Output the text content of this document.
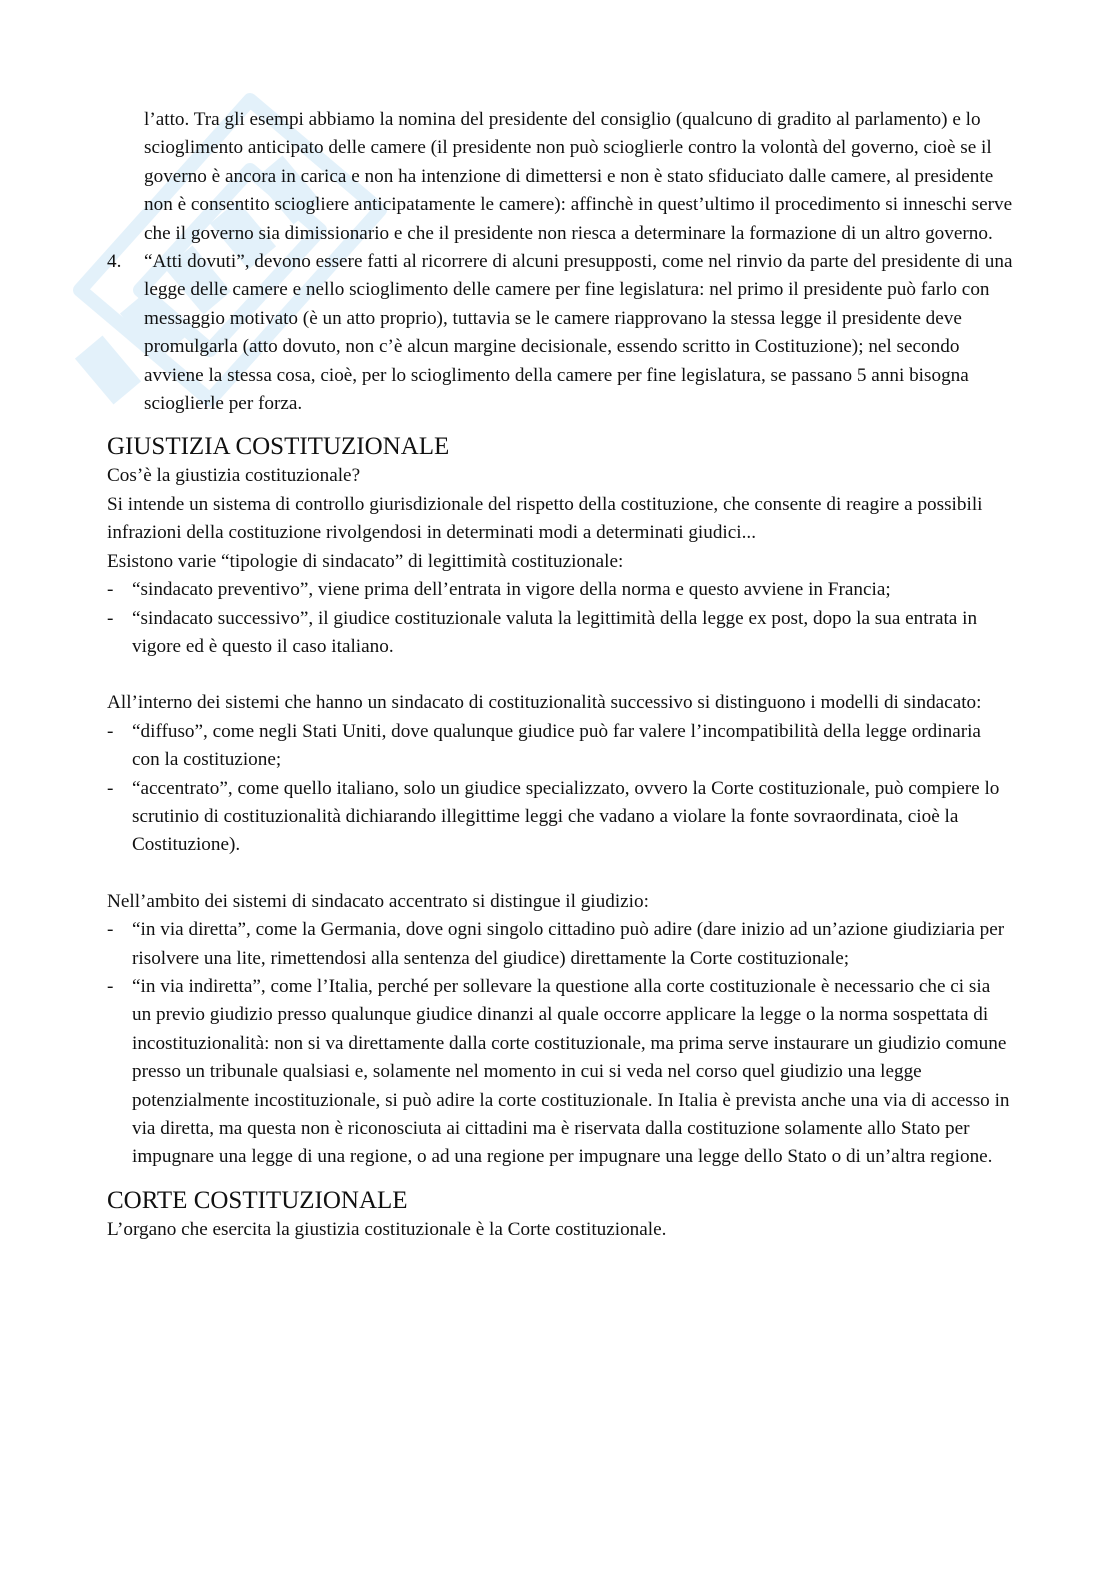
l’atto. Tra gli esempi abbiamo la nomina del presidente del consiglio (qualcuno di gradito al parlamento) e lo scioglimento anticipato delle camere (il presidente non può scioglierle contro la volontà del governo, cioè se il governo è ancora in carica e non ha intenzione di dimettersi e non è stato sfiduciato dalle camere, al presidente non è consentito sciogliere anticipatamente le camere): affinchè in quest’ultimo il procedimento si inneschi serve che il governo sia dimissionario e che il presidente non riesca a determinare la formazione di un altro governo.

4.	“Atti dovuti”, devono essere fatti al ricorrere di alcuni presupposti, come nel rinvio da parte del presidente di una legge delle camere e nello scioglimento delle camere per fine legislatura: nel primo il presidente può farlo con messaggio motivato (è un atto proprio), tuttavia se le camere riapprovano la stessa legge il presidente deve promulgarla (atto dovuto, non c’è alcun margine decisionale, essendo scritto in Costituzione); nel secondo avviene la stessa cosa, cioè, per lo scioglimento della camere per fine legislatura, se passano 5 anni bisogna scioglierle per forza.
GIUSTIZIA COSTITUZIONALE

Cos’è la giustizia costituzionale?

Si intende un sistema di controllo giurisdizionale del rispetto della costituzione, che consente di reagire a possibili infrazioni della costituzione rivolgendosi in determinati modi a determinati giudici...

Esistono varie “tipologie di sindacato” di legittimità costituzionale:

- “sindacato preventivo”, viene prima dell’entrata in vigore della norma e questo avviene in Francia;
- “sindacato successivo”, il giudice costituzionale valuta la legittimità della legge ex post, dopo la sua entrata in vigore ed è questo il caso italiano.

All’interno dei sistemi che hanno un sindacato di costituzionalità successivo si distinguono i modelli di sindacato:

- “diffuso”, come negli Stati Uniti, dove qualunque giudice può far valere l’incompatibilità della legge ordinaria con la costituzione;
- “accentrato”, come quello italiano, solo un giudice specializzato, ovvero la Corte costituzionale, può compiere lo scrutinio di costituzionalità dichiarando illegittime leggi che vadano a violare la fonte sovraordinata, cioè la Costituzione).

Nell’ambito dei sistemi di sindacato accentrato si distingue il giudizio:

- “in via diretta”, come la Germania, dove ogni singolo cittadino può adire (dare inizio ad un’azione giudiziaria per risolvere una lite, rimettendosi alla sentenza del giudice) direttamente la Corte costituzionale;
- “in via indiretta”, come l’Italia, perché per sollevare la questione alla corte costituzionale è necessario che ci sia un previo giudizio presso qualunque giudice dinanzi al quale occorre applicare la legge o la norma sospettata di incostituzionalità: non si va direttamente dalla corte costituzionale, ma prima serve instaurare un giudizio comune presso un tribunale qualsiasi e, solamente nel momento in cui si veda nel corso quel giudizio una legge potenzialmente incostituzionale, si può adire la corte costituzionale. In Italia è prevista anche una via di accesso in via diretta, ma questa non è riconosciuta ai cittadini ma è riservata dalla costituzione solamente allo Stato per impugnare una legge di una regione, o ad una regione per impugnare una legge dello Stato o di un’altra regione.
CORTE COSTITUZIONALE

L’organo che esercita la giustizia costituzionale è la Corte costituzionale.
